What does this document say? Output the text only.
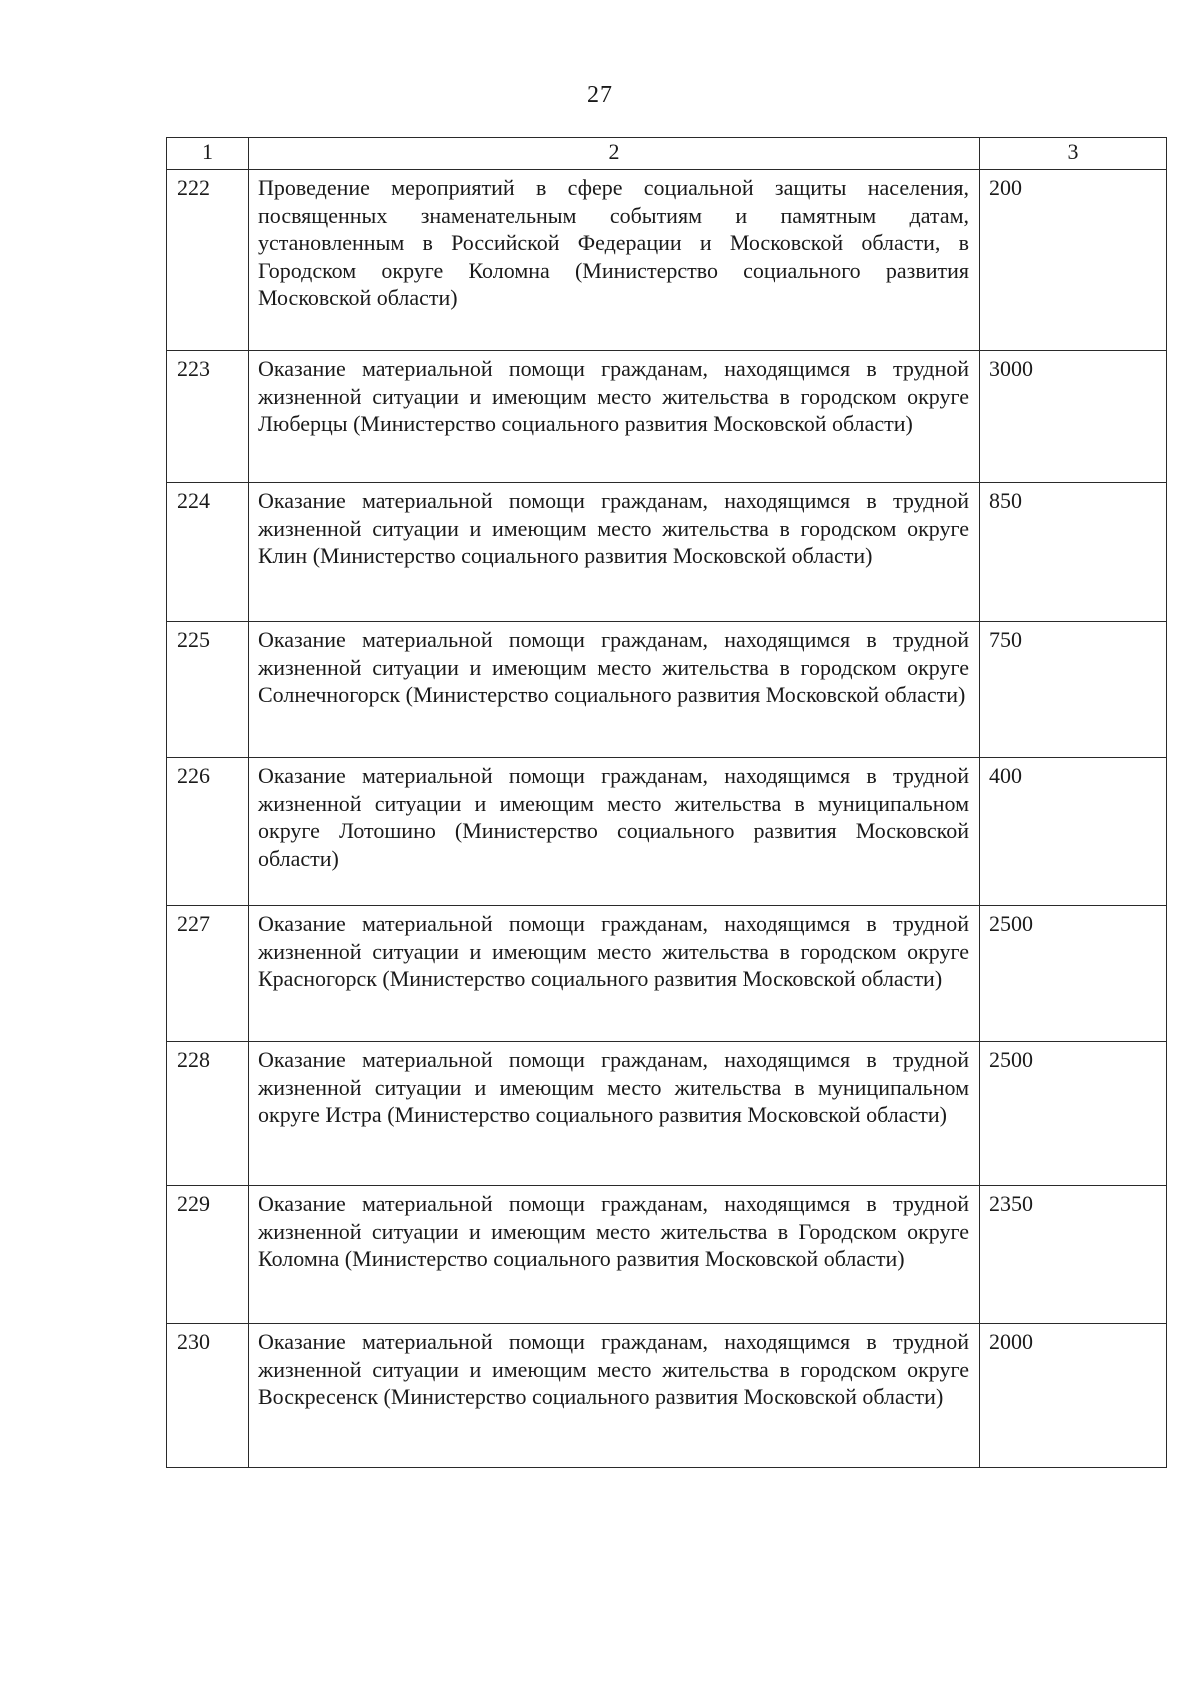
27
1	2	3
222	Проведение мероприятий в сфере социальной защиты населения, посвященных знаменательным событиям и памятным датам, установленным в Российской Федерации и Московской области, в Городском округе Коломна (Министерство социального развития Московской области)	200
223	Оказание материальной помощи гражданам, находящимся в трудной жизненной ситуации и имеющим место жительства в городском округе Люберцы (Министерство социального развития Московской области)	3000
224	Оказание материальной помощи гражданам, находящимся в трудной жизненной ситуации и имеющим место жительства в городском округе Клин (Министерство социального развития Московской области)	850
225	Оказание материальной помощи гражданам, находящимся в трудной жизненной ситуации и имеющим место жительства в городском округе Солнечногорск (Министерство социального развития Московской области)	750
226	Оказание материальной помощи гражданам, находящимся в трудной жизненной ситуации и имеющим место жительства в муниципальном округе Лотошино (Министерство социального развития Московской области)	400
227	Оказание материальной помощи гражданам, находящимся в трудной жизненной ситуации и имеющим место жительства в городском округе Красногорск (Министерство социального развития Московской области)	2500
228	Оказание материальной помощи гражданам, находящимся в трудной жизненной ситуации и имеющим место жительства в муниципальном округе Истра (Министерство социального развития Московской области)	2500
229	Оказание материальной помощи гражданам, находящимся в трудной жизненной ситуации и имеющим место жительства в Городском округе Коломна (Министерство социального развития Московской области)	2350
230	Оказание материальной помощи гражданам, находящимся в трудной жизненной ситуации и имеющим место жительства в городском округе Воскресенск (Министерство социального развития Московской области)	2000
